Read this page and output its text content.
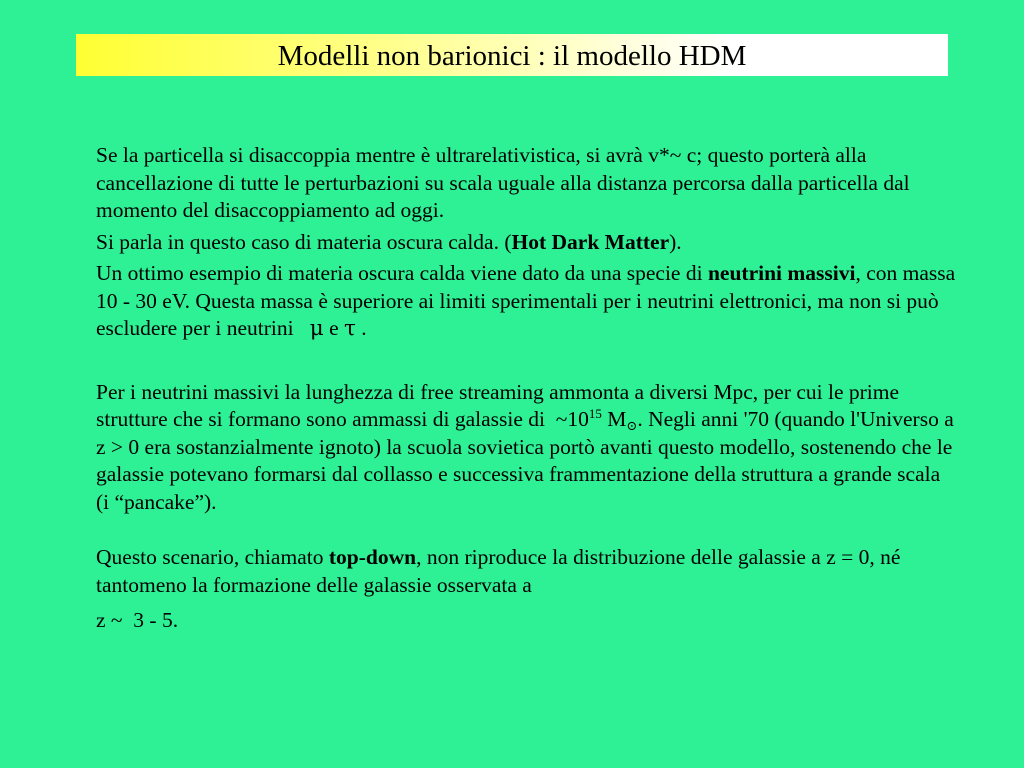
Modelli non barionici : il modello HDM

Se la particella si disaccoppia mentre è ultrarelativistica, si avrà v*~ c; questo porterà alla cancellazione di tutte le perturbazioni su scala uguale alla distanza percorsa dalla particella dal momento del disaccoppiamento ad oggi.

Si parla in questo caso di materia oscura calda. (Hot Dark Matter).

Un ottimo esempio di materia oscura calda viene dato da una specie di neutrini massivi, con massa   10 - 30 eV. Questa massa è superiore ai limiti sperimentali per i neutrini elettronici, ma non si può escludere per i neutrini   μ e τ .

Per i neutrini massivi la lunghezza di free streaming ammonta a diversi Mpc, per cui le prime strutture che si formano sono ammassi di galassie di  $\sim 10^{15}$ $M_⊙$. Negli anni '70 (quando l'Universo a z > 0 era sostanzialmente ignoto) la scuola sovietica portò avanti questo modello, sostenendo che le galassie potevano formarsi dal collasso e successiva frammentazione della struttura a grande scala (i “pancake”).

Questo scenario, chiamato top-down, non riproduce la distribuzione delle galassie a z = 0, né tantomeno la formazione delle galassie osservata a

z ~  3 - 5.
